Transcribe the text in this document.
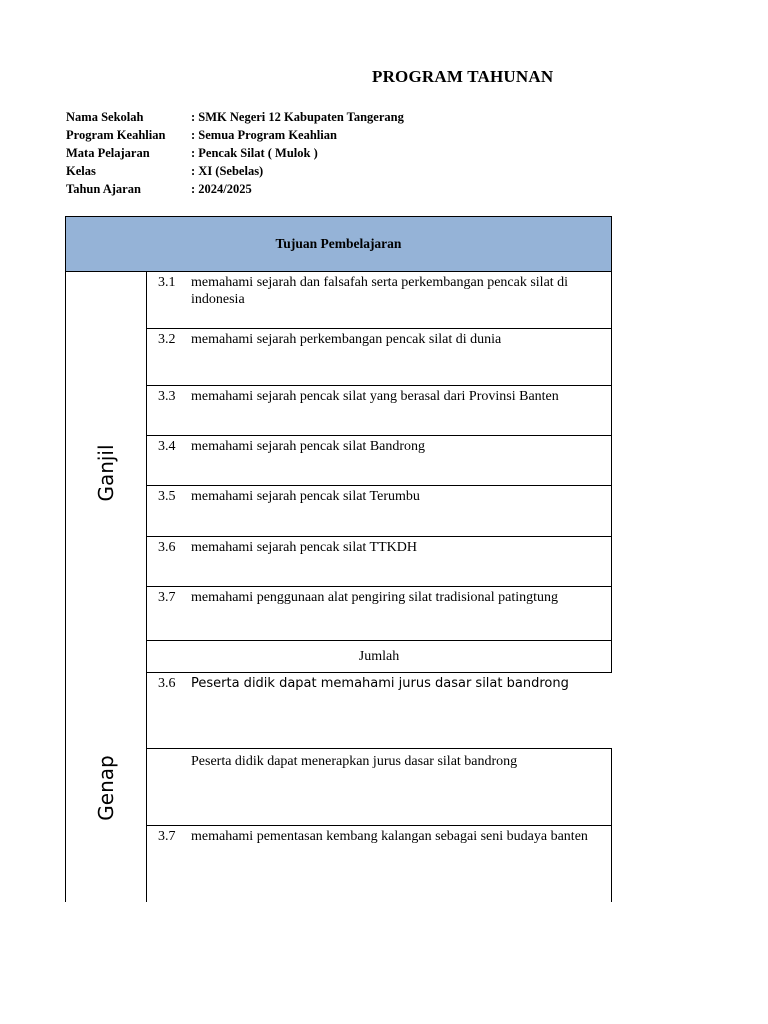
PROGRAM TAHUNAN
Nama Sekolah	: SMK Negeri 12 Kabupaten Tangerang
Program Keahlian	: Semua Program Keahlian
Mata Pelajaran	: Pencak Silat ( Mulok )
Kelas	: XI (Sebelas)
Tahun Ajaran	: 2024/2025
Tujuan Pembelajaran
Ganjil
3.1 memahami sejarah dan falsafah serta perkembangan pencak silat di indonesia
3.2 memahami sejarah perkembangan pencak silat di dunia
3.3 memahami sejarah pencak silat yang berasal dari Provinsi Banten
3.4 memahami sejarah pencak silat Bandrong
3.5 memahami sejarah pencak silat Terumbu
3.6 memahami sejarah pencak silat TTKDH
3.7 memahami penggunaan alat pengiring silat tradisional patingtung
Jumlah
Genap
3.6 Peserta didik dapat memahami jurus dasar silat bandrong
Peserta didik dapat menerapkan jurus dasar silat bandrong
3.7 memahami pementasan kembang kalangan sebagai seni budaya banten
